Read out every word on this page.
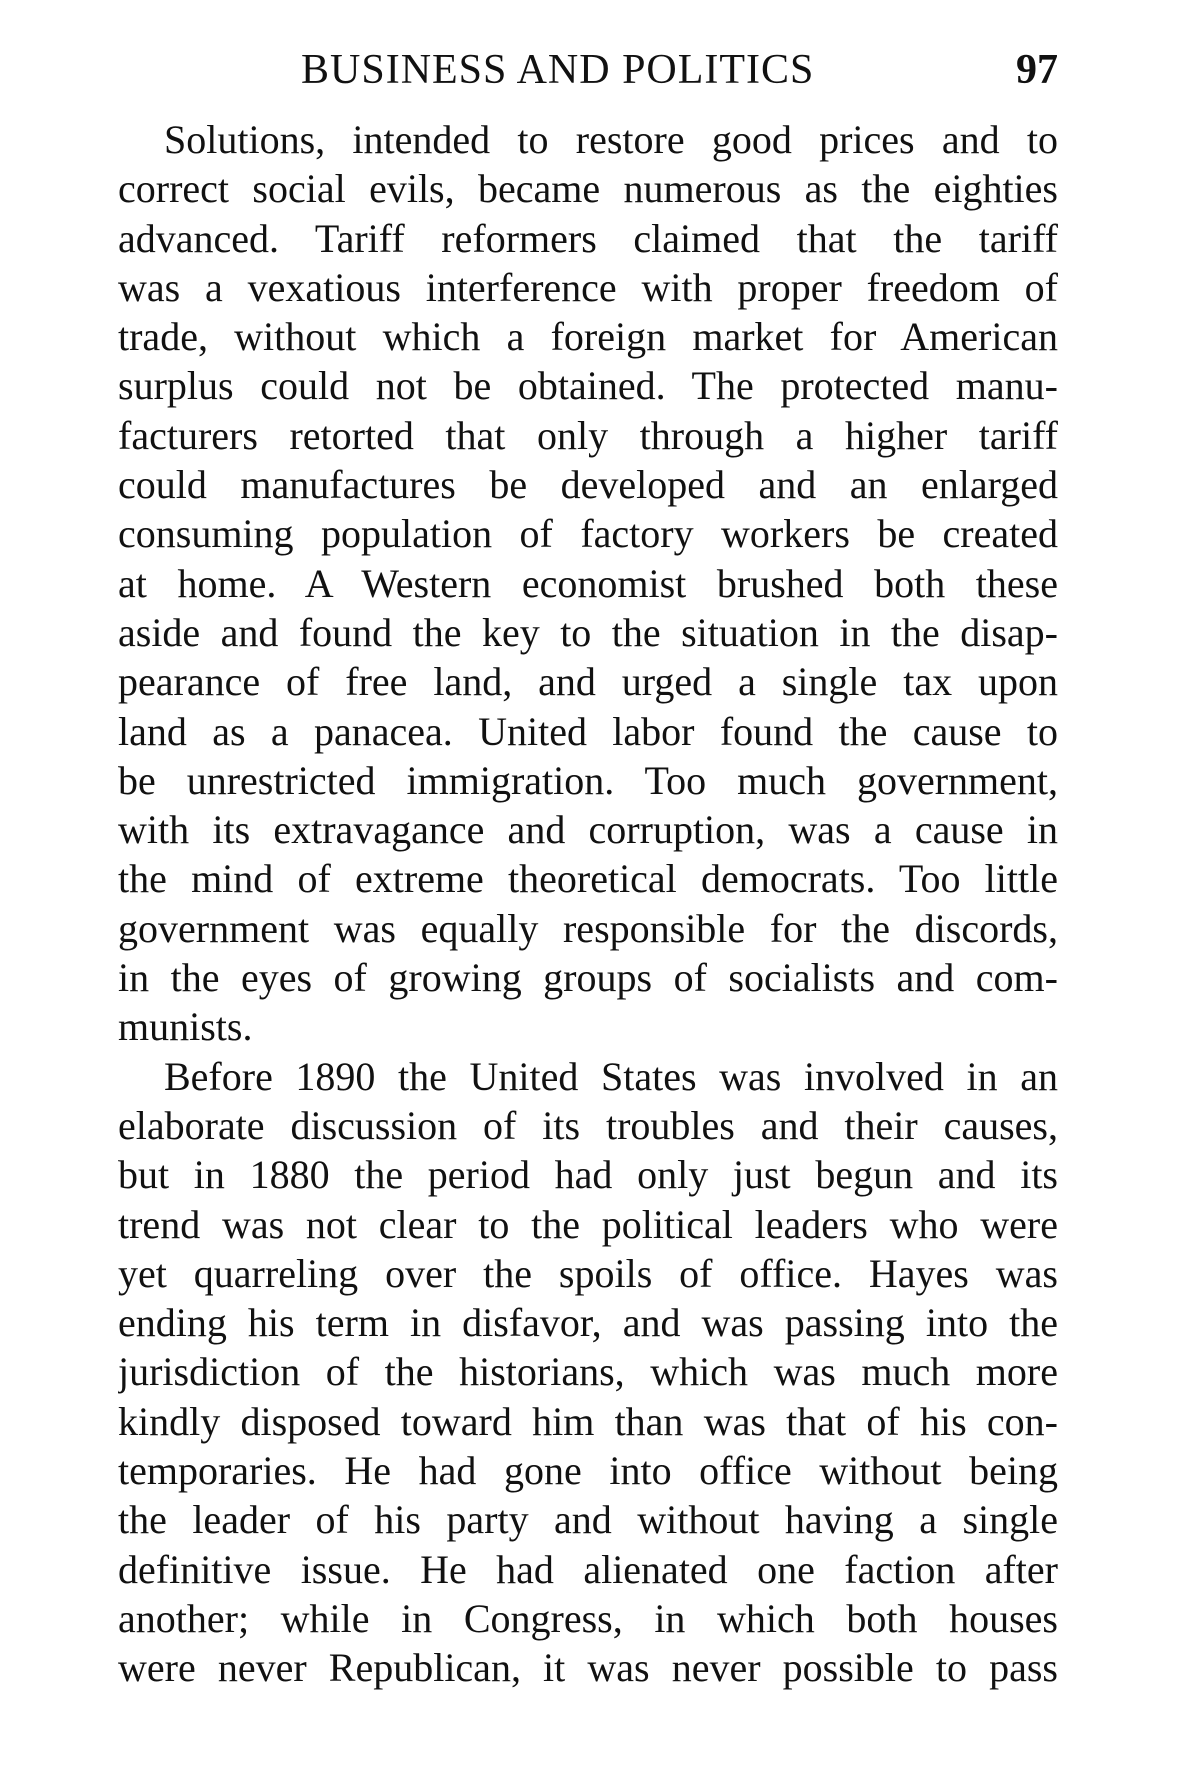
BUSINESS AND POLITICS	97
Solutions, intended to restore good prices and to
correct social evils, became numerous as the eighties
advanced. Tariff reformers claimed that the tariff
was a vexatious interference with proper freedom of
trade, without which a foreign market for American
surplus could not be obtained. The protected manu-
facturers retorted that only through a higher tariff
could manufactures be developed and an enlarged
consuming population of factory workers be created
at home. A Western economist brushed both these
aside and found the key to the situation in the disap-
pearance of free land, and urged a single tax upon
land as a panacea. United labor found the cause to
be unrestricted immigration. Too much government,
with its extravagance and corruption, was a cause in
the mind of extreme theoretical democrats. Too little
government was equally responsible for the discords,
in the eyes of growing groups of socialists and com-
munists.
Before 1890 the United States was involved in an
elaborate discussion of its troubles and their causes,
but in 1880 the period had only just begun and its
trend was not clear to the political leaders who were
yet quarreling over the spoils of office. Hayes was
ending his term in disfavor, and was passing into the
jurisdiction of the historians, which was much more
kindly disposed toward him than was that of his con-
temporaries. He had gone into office without being
the leader of his party and without having a single
definitive issue. He had alienated one faction after
another; while in Congress, in which both houses
were never Republican, it was never possible to pass
